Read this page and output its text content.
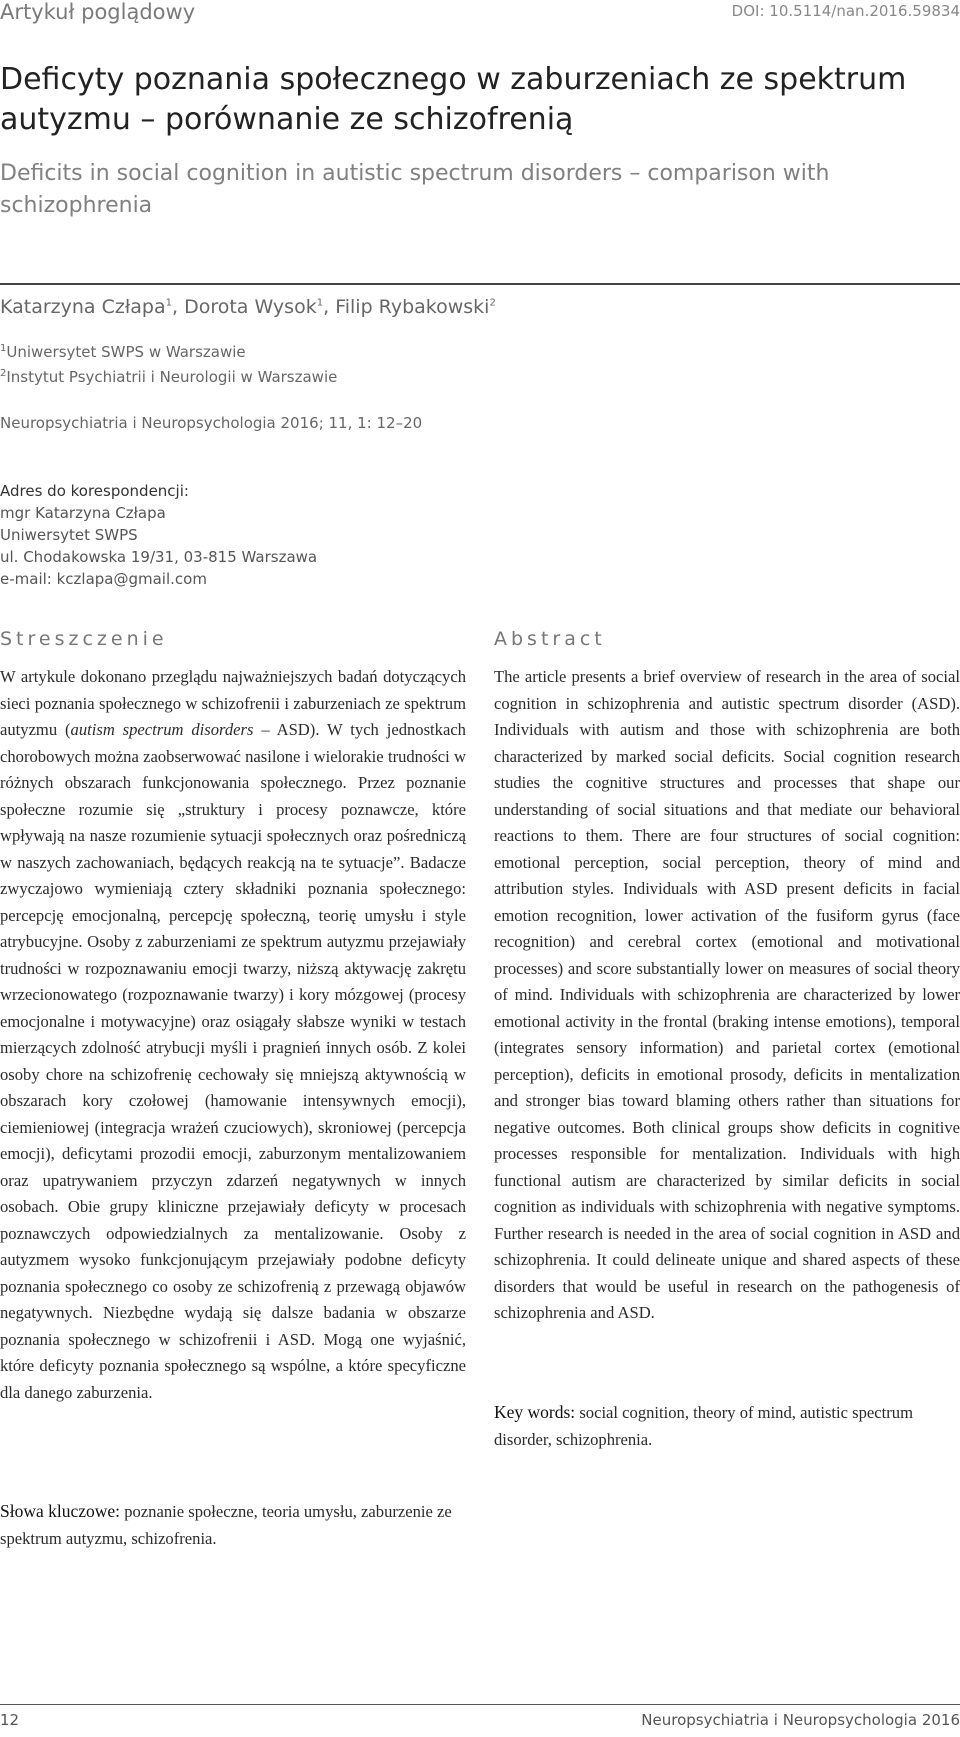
Artykuł poglądowy	DOI: 10.5114/nan.2016.59834
Deficyty poznania społecznego w zaburzeniach ze spektrum autyzmu – porównanie ze schizofrenią
Deficits in social cognition in autistic spectrum disorders – comparison with schizophrenia
Katarzyna Człapa$^1$, Dorota Wysok$^1$, Filip Rybakowski$^2$
$^1$Uniwersytet SWPS w Warszawie
$^2$Instytut Psychiatrii i Neurologii w Warszawie
Neuropsychiatria i Neuropsychologia 2016; 11, 1: 12–20
Adres do korespondencji:
mgr Katarzyna Człapa
Uniwersytet SWPS
ul. Chodakowska 19/31, 03-815 Warszawa
e-mail: kczlapa@gmail.com
Streszczenie	Abstract
W artykule dokonano przeglądu najważniejszych badań dotyczących sieci poznania społecznego w schizofrenii i zaburzeniach ze spektrum autyzmu (autism spectrum disorders – ASD). W tych jednostkach chorobowych można zaobserwować nasilone i wielorakie trudności w różnych obszarach funkcjonowania społecznego. Przez poznanie społeczne rozumie się „struktury i procesy poznawcze, które wpływają na nasze rozumienie sytuacji społecznych oraz pośredniczą w naszych zachowaniach, będących reakcją na te sytuacje”. Badacze zwyczajowo wymieniają cztery składniki poznania społecznego: percepcję emocjonalną, percepcję społeczną, teorię umysłu i style atrybucyjne. Osoby z zaburzeniami ze spektrum autyzmu przejawiały trudności w rozpoznawaniu emocji twarzy, niższą aktywację zakrętu wrzecionowatego (rozpoznawanie twarzy) i kory mózgowej (procesy emocjonalne i motywacyjne) oraz osiągały słabsze wyniki w testach mierzących zdolność atrybucji myśli i pragnień innych osób. Z kolei osoby chore na schizofrenię cechowały się mniejszą aktywnością w obszarach kory czołowej (hamowanie intensywnych emocji), ciemieniowej (integracja wrażeń czuciowych), skroniowej (percepcja emocji), deficytami prozodii emocji, zaburzonym mentalizowaniem oraz upatrywaniem przyczyn zdarzeń negatywnych w innych osobach. Obie grupy kliniczne przejawiały deficyty w procesach poznawczych odpowiedzialnych za mentalizowanie. Osoby z autyzmem wysoko funkcjonującym przejawiały podobne deficyty poznania społecznego co osoby ze schizofrenią z przewagą objawów negatywnych. Niezbędne wydają się dalsze badania w obszarze poznania społecznego w schizofrenii i ASD. Mogą one wyjaśnić, które deficyty poznania społecznego są wspólne, a które specyficzne dla danego zaburzenia.
Słowa kluczowe: poznanie społeczne, teoria umysłu, zaburzenie ze spektrum autyzmu, schizofrenia.
The article presents a brief overview of research in the area of social cognition in schizophrenia and autistic spectrum disorder (ASD). Individuals with autism and those with schizophrenia are both characterized by marked social deficits. Social cognition research studies the cognitive structures and processes that shape our understanding of social situations and that mediate our behavioral reactions to them. There are four structures of social cognition: emotional perception, social perception, theory of mind and attribution styles. Individuals with ASD present deficits in facial emotion recognition, lower activation of the fusiform gyrus (face recognition) and cerebral cortex (emotional and motivational processes) and score substantially lower on measures of social theory of mind. Individuals with schizophrenia are characterized by lower emotional activity in the frontal (braking intense emotions), temporal (integrates sensory information) and parietal cortex (emotional perception), deficits in emotional prosody, deficits in mentalization and stronger bias toward blaming others rather than situations for negative outcomes. Both clinical groups show deficits in cognitive processes responsible for mentalization. Individuals with high functional autism are characterized by similar deficits in social cognition as individuals with schizophrenia with negative symptoms. Further research is needed in the area of social cognition in ASD and schizophrenia. It could delineate unique and shared aspects of these disorders that would be useful in research on the pathogenesis of schizophrenia and ASD.
Key words: social cognition, theory of mind, autistic spectrum disorder, schizophrenia.
12	Neuropsychiatria i Neuropsychologia 2016
